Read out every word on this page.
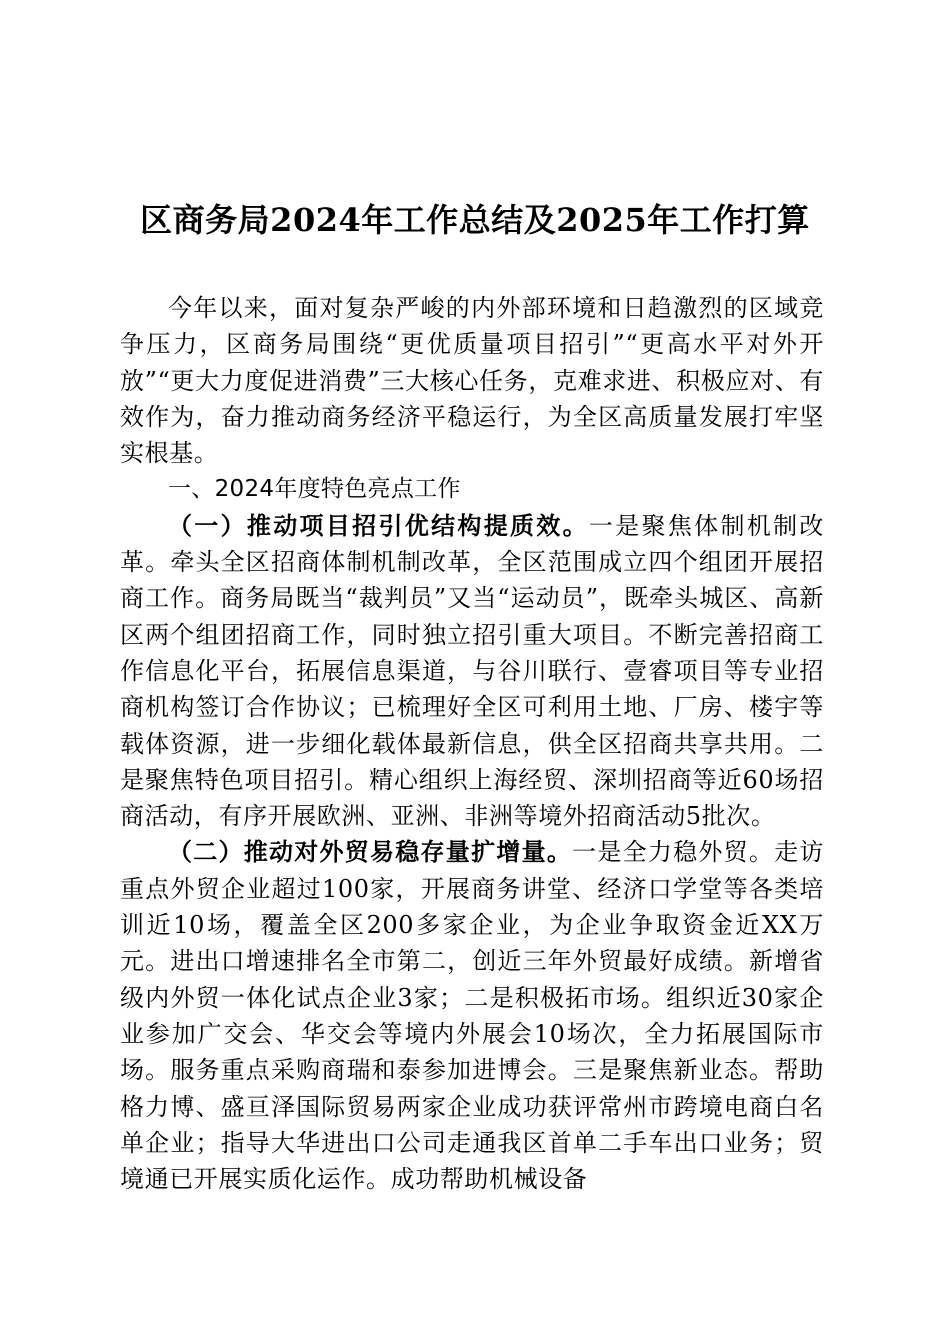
区商务局2024年工作总结及2025年工作打算

今年以来，面对复杂严峻的内外部环境和日趋激烈的区域竞争压力，区商务局围绕“更优质量项目招引”“更高水平对外开放”“更大力度促进消费”三大核心任务，克难求进、积极应对、有效作为，奋力推动商务经济平稳运行，为全区高质量发展打牢坚实根基。

一、2024年度特色亮点工作

（一）推动项目招引优结构提质效。一是聚焦体制机制改革。牵头全区招商体制机制改革，全区范围成立四个组团开展招商工作。商务局既当“裁判员”又当“运动员”，既牵头城区、高新区两个组团招商工作，同时独立招引重大项目。不断完善招商工作信息化平台，拓展信息渠道，与谷川联行、壹睿项目等专业招商机构签订合作协议；已梳理好全区可利用土地、厂房、楼宇等载体资源，进一步细化载体最新信息，供全区招商共享共用。二是聚焦特色项目招引。精心组织上海经贸、深圳招商等近60场招商活动，有序开展欧洲、亚洲、非洲等境外招商活动5批次。

（二）推动对外贸易稳存量扩增量。一是全力稳外贸。走访重点外贸企业超过100家，开展商务讲堂、经济口学堂等各类培训近10场，覆盖全区200多家企业，为企业争取资金近XX万元。进出口增速排名全市第二，创近三年外贸最好成绩。新增省级内外贸一体化试点企业3家；二是积极拓市场。组织近30家企业参加广交会、华交会等境内外展会10场次，全力拓展国际市场。服务重点采购商瑞和泰参加进博会。三是聚焦新业态。帮助格力博、盛亘泽国际贸易两家企业成功获评常州市跨境电商白名单企业；指导大华进出口公司走通我区首单二手车出口业务；贸境通已开展实质化运作。成功帮助机械设备
